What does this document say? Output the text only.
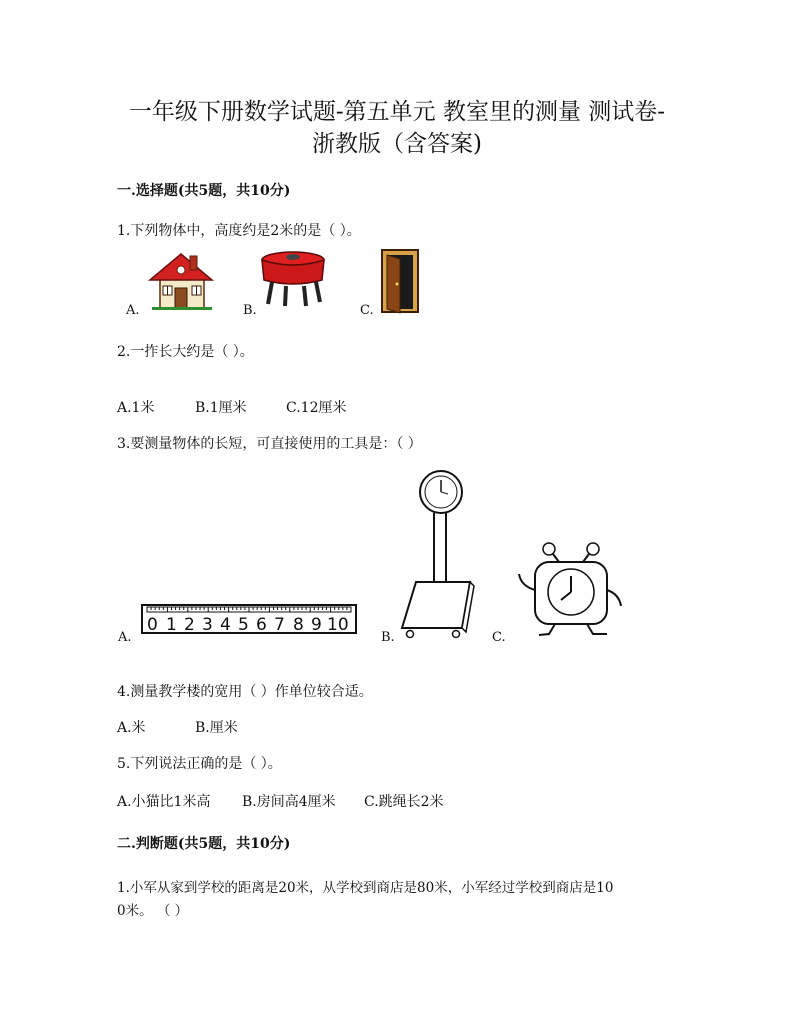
一年级下册数学试题-第五单元 教室里的测量 测试卷-
浙教版（含答案)
一.选择题(共5题，共10分)
1.下列物体中，高度约是2米的是（ ）。
A.	B.	C.
2.一拃长大约是（ ）。
A.1米	B.1厘米	C.12厘米
3.要测量物体的长短，可直接使用的工具是：（ ）
0 1 2 3 4 5 6 7 8 9 10
A.	B.	C.
4.测量教学楼的宽用（ ）作单位较合适。
A.米	B.厘米
5.下列说法正确的是（ ）。
A.小猫比1米高 B.房间高4厘米 C.跳绳长2米
二.判断题(共5题，共10分)
1.小军从家到学校的距离是20米，从学校到商店是80米，小军经过学校到商店是10
0米。 （ ）
